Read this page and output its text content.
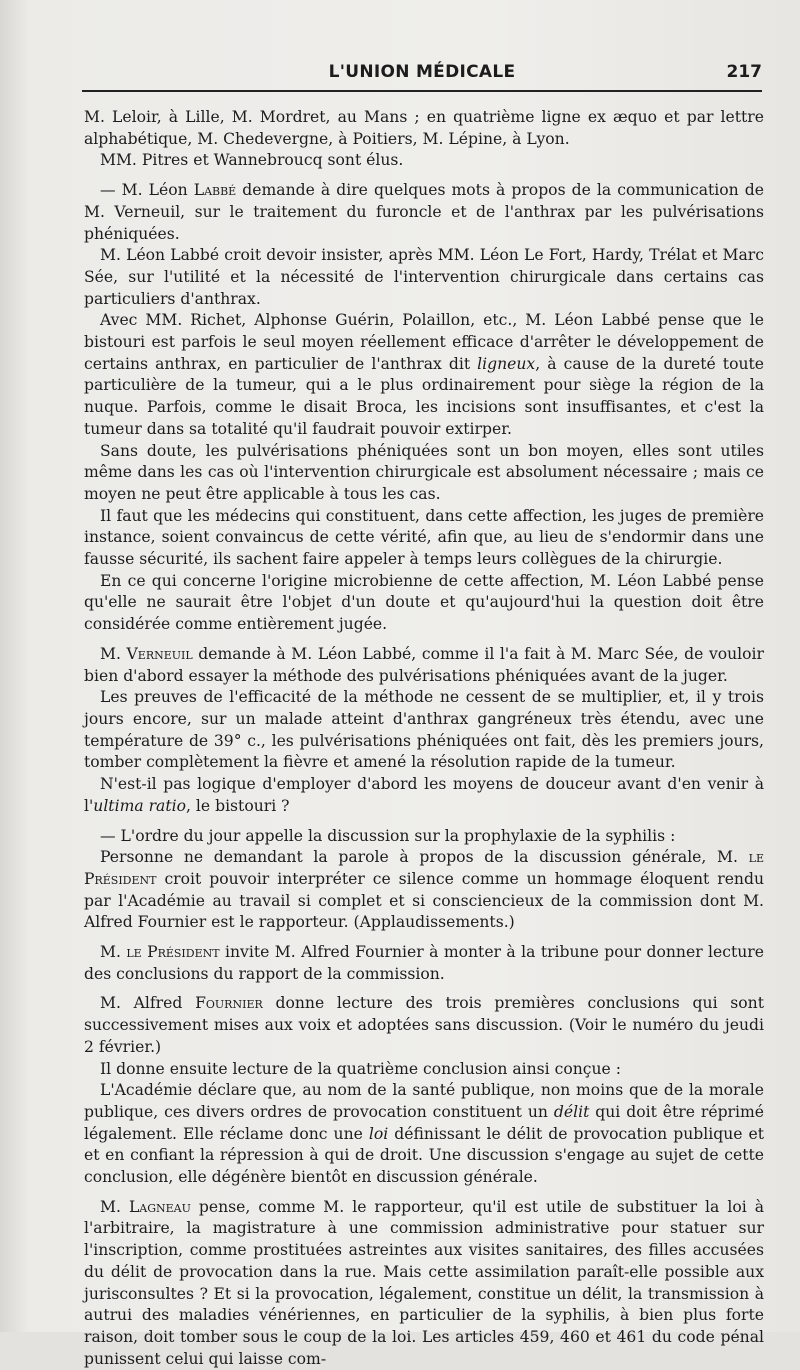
L'UNION MÉDICALE	217

M. Leloir, à Lille, M. Mordret, au Mans ; en quatrième ligne ex æquo et par lettre alphabétique, M. Chedevergne, à Poitiers, M. Lépine, à Lyon.

MM. Pitres et Wannebroucq sont élus.

— M. Léon Labbé demande à dire quelques mots à propos de la communication de M. Verneuil, sur le traitement du furoncle et de l'anthrax par les pulvérisations phéniquées.

M. Léon Labbé croit devoir insister, après MM. Léon Le Fort, Hardy, Trélat et Marc Sée, sur l'utilité et la nécessité de l'intervention chirurgicale dans certains cas particuliers d'anthrax.

Avec MM. Richet, Alphonse Guérin, Polaillon, etc., M. Léon Labbé pense que le bistouri est parfois le seul moyen réellement efficace d'arrêter le développement de certains anthrax, en particulier de l'anthrax dit ligneux, à cause de la dureté toute particulière de la tumeur, qui a le plus ordinairement pour siège la région de la nuque. Parfois, comme le disait Broca, les incisions sont insuffisantes, et c'est la tumeur dans sa totalité qu'il faudrait pouvoir extirper.

Sans doute, les pulvérisations phéniquées sont un bon moyen, elles sont utiles même dans les cas où l'intervention chirurgicale est absolument nécessaire ; mais ce moyen ne peut être applicable à tous les cas.

Il faut que les médecins qui constituent, dans cette affection, les juges de première instance, soient convaincus de cette vérité, afin que, au lieu de s'endormir dans une fausse sécurité, ils sachent faire appeler à temps leurs collègues de la chirurgie.

En ce qui concerne l'origine microbienne de cette affection, M. Léon Labbé pense qu'elle ne saurait être l'objet d'un doute et qu'aujourd'hui la question doit être considérée comme entièrement jugée.

M. Verneuil demande à M. Léon Labbé, comme il l'a fait à M. Marc Sée, de vouloir bien d'abord essayer la méthode des pulvérisations phéniquées avant de la juger.

Les preuves de l'efficacité de la méthode ne cessent de se multiplier, et, il y trois jours encore, sur un malade atteint d'anthrax gangréneux très étendu, avec une température de 39° c., les pulvérisations phéniquées ont fait, dès les premiers jours, tomber complètement la fièvre et amené la résolution rapide de la tumeur.

N'est-il pas logique d'employer d'abord les moyens de douceur avant d'en venir à l'ultima ratio, le bistouri ?

— L'ordre du jour appelle la discussion sur la prophylaxie de la syphilis :

Personne ne demandant la parole à propos de la discussion générale, M. le Président croit pouvoir interpréter ce silence comme un hommage éloquent rendu par l'Académie au travail si complet et si consciencieux de la commission dont M. Alfred Fournier est le rapporteur. (Applaudissements.)

M. le Président invite M. Alfred Fournier à monter à la tribune pour donner lecture des conclusions du rapport de la commission.

M. Alfred Fournier donne lecture des trois premières conclusions qui sont successivement mises aux voix et adoptées sans discussion. (Voir le numéro du jeudi 2 février.)

Il donne ensuite lecture de la quatrième conclusion ainsi conçue :

L'Académie déclare que, au nom de la santé publique, non moins que de la morale publique, ces divers ordres de provocation constituent un délit qui doit être réprimé légalement. Elle réclame donc une loi définissant le délit de provocation publique et et en confiant la répression à qui de droit. Une discussion s'engage au sujet de cette conclusion, elle dégénère bientôt en discussion générale.

M. Lagneau pense, comme M. le rapporteur, qu'il est utile de substituer la loi à l'arbitraire, la magistrature à une commission administrative pour statuer sur l'inscription, comme prostituées astreintes aux visites sanitaires, des filles accusées du délit de provocation dans la rue. Mais cette assimilation paraît-elle possible aux jurisconsultes ? Et si la provocation, légalement, constitue un délit, la transmission à autrui des maladies vénériennes, en particulier de la syphilis, à bien plus forte raison, doit tomber sous le coup de la loi. Les articles 459, 460 et 461 du code pénal punissent celui qui laisse com-
